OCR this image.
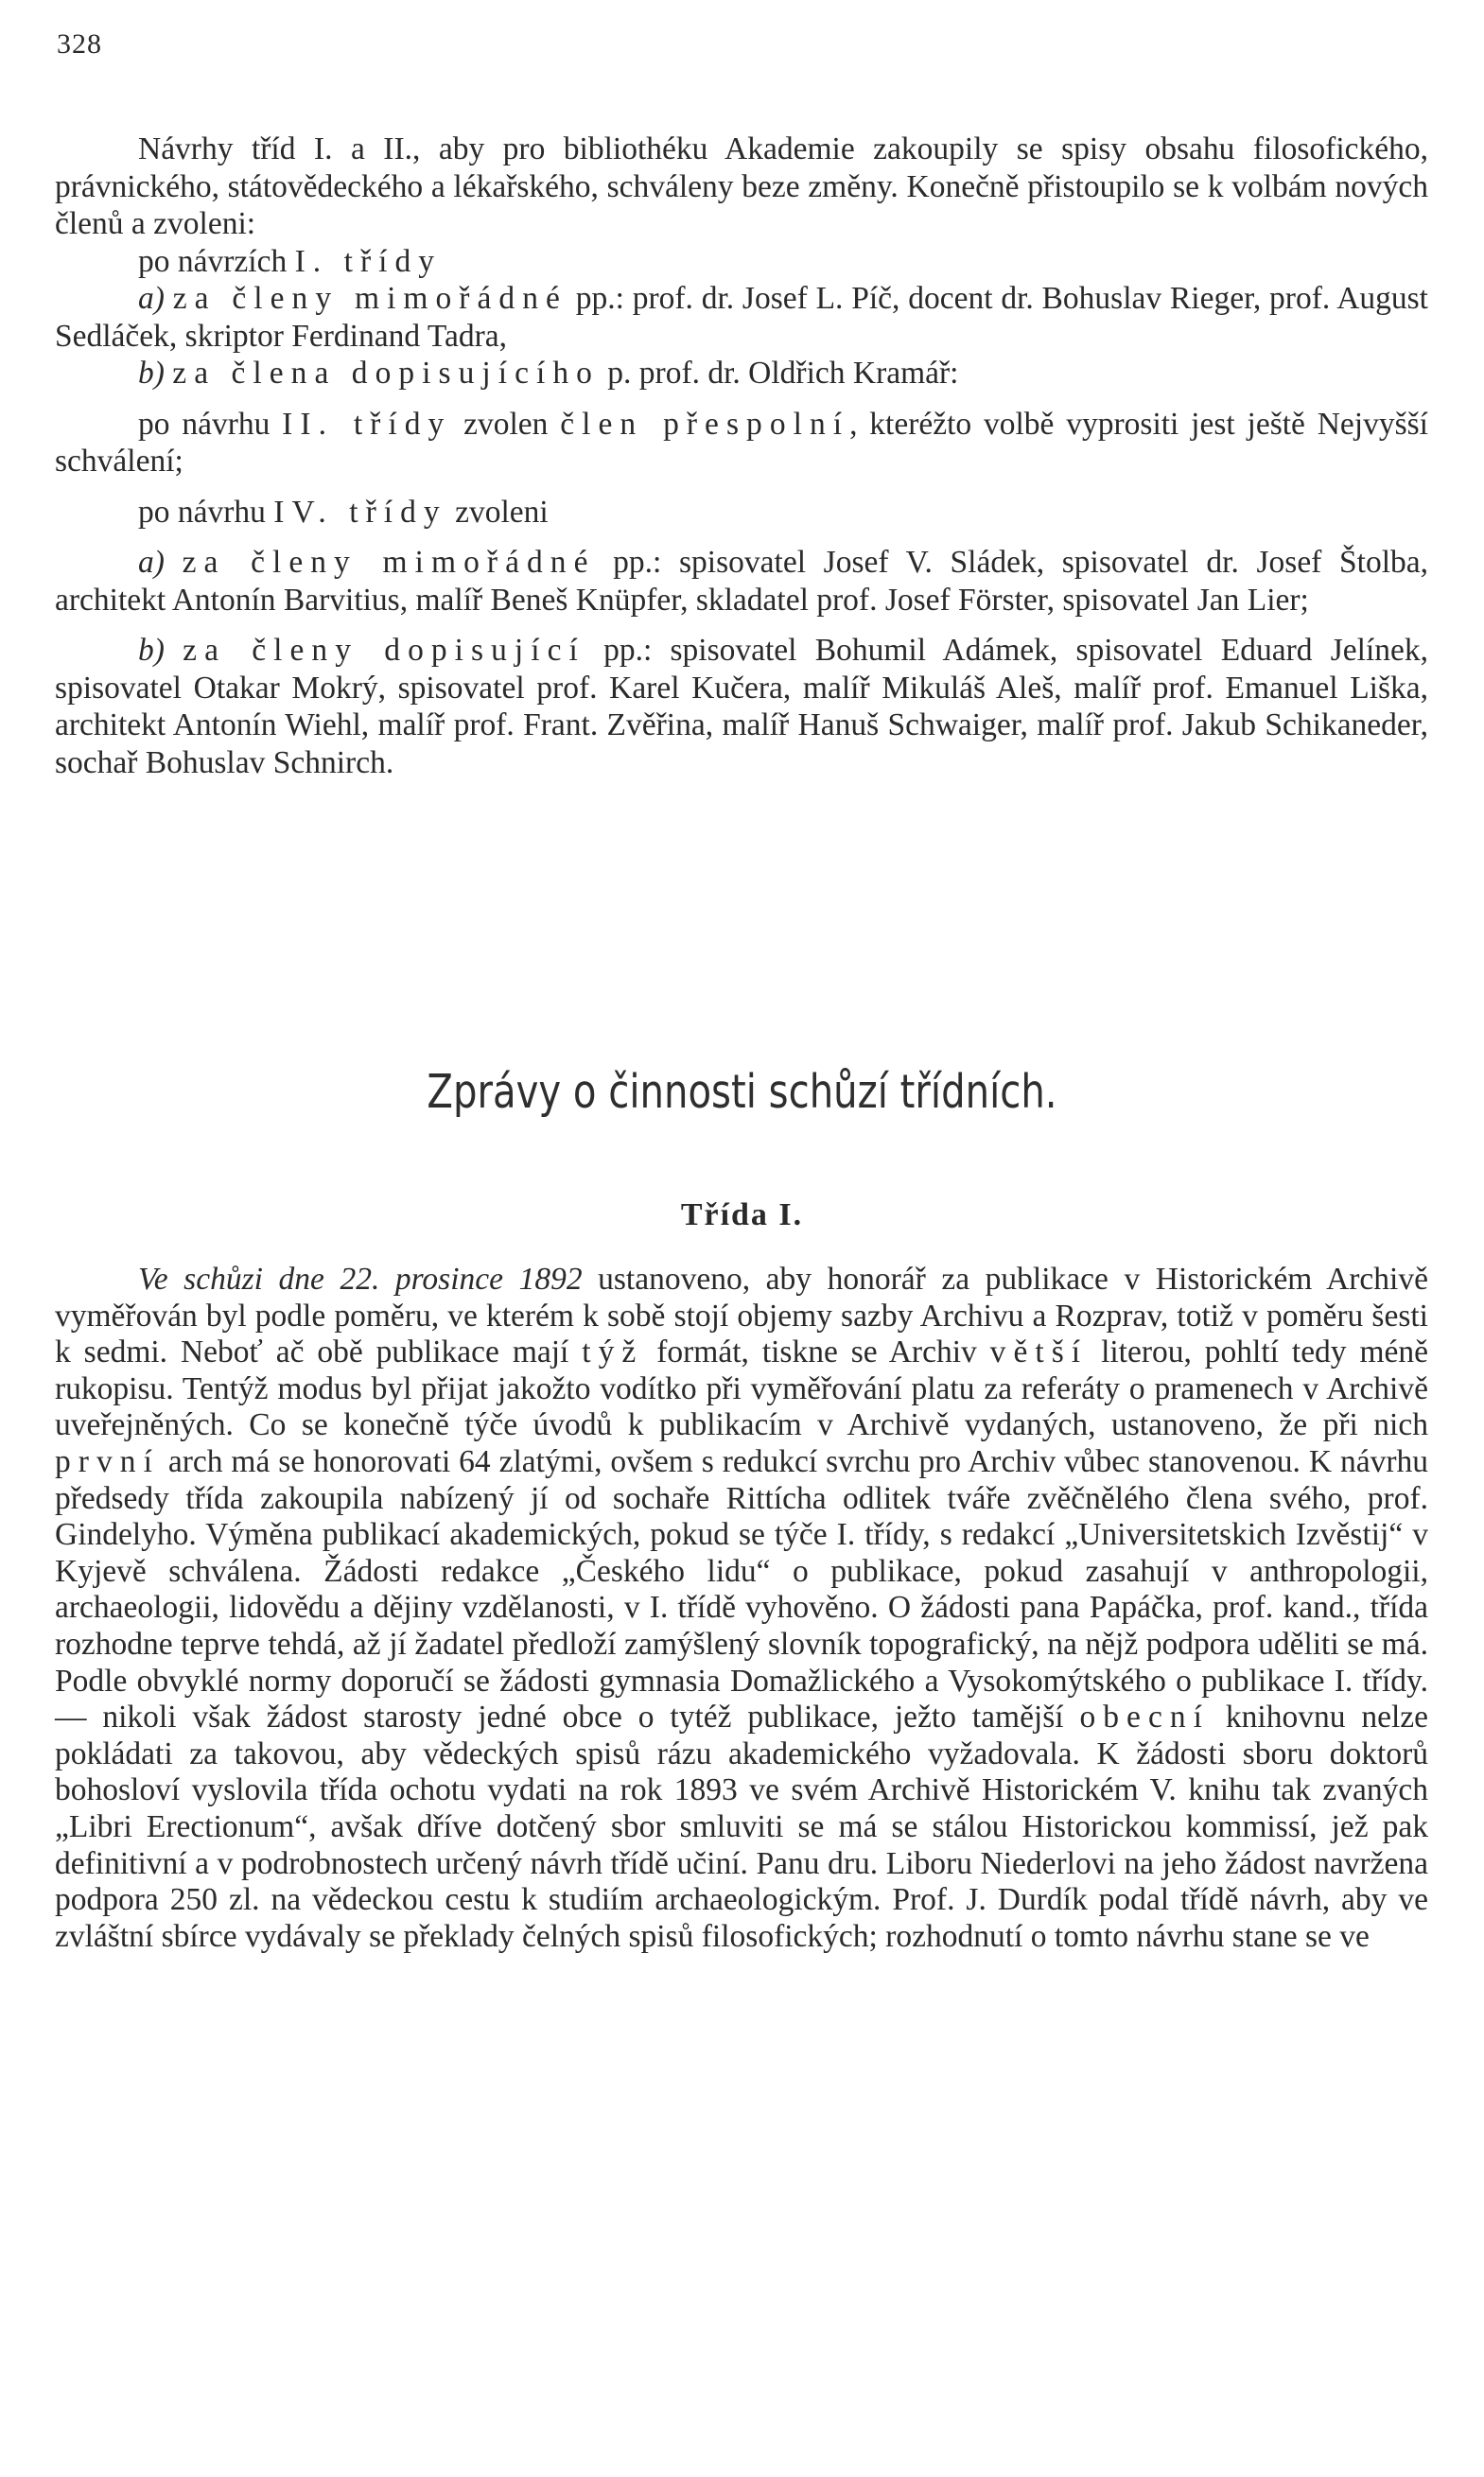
328

Návrhy tříd I. a II., aby pro bibliothéku Akademie zakoupily se spisy obsahu filosofického, právnického, státovědeckého a lékařského, schváleny beze změny. Konečně přistoupilo se k volbám nových členů a zvoleni:

po návrzích I. třídy

a) za členy mimořádné pp.: prof. dr. Josef L. Píč, docent dr. Bohuslav Rieger, prof. August Sedláček, skriptor Ferdinand Tadra,

b) za člena dopisujícího p. prof. dr. Oldřich Kramář:

po návrhu II. třídy zvolen člen přespolní, kteréžto volbě vyprositi jest ještě Nejvyšší schválení;

po návrhu IV. třídy zvoleni

a) za členy mimořádné pp.: spisovatel Josef V. Sládek, spisovatel dr. Josef Štolba, architekt Antonín Barvitius, malíř Beneš Knüpfer, skladatel prof. Josef Förster, spisovatel Jan Lier;

b) za členy dopisující pp.: spisovatel Bohumil Adámek, spisovatel Eduard Jelínek, spisovatel Otakar Mokrý, spisovatel prof. Karel Kučera, malíř Mikuláš Aleš, malíř prof. Emanuel Liška, architekt Antonín Wiehl, malíř prof. Frant. Zvěřina, malíř Hanuš Schwaiger, malíř prof. Jakub Schikaneder, sochař Bohuslav Schnirch.

Zprávy o činnosti schůzí třídních.
Třída I.

Ve schůzi dne 22. prosince 1892 ustanoveno, aby honorář za publikace v Historickém Archivě vyměřován byl podle poměru, ve kterém k sobě stojí objemy sazby Archivu a Rozprav, totiž v poměru šesti k sedmi. Neboť ač obě publikace mají týž formát, tiskne se Archiv větší literou, pohltí tedy méně rukopisu. Tentýž modus byl přijat jakožto vodítko při vyměřování platu za referáty o pramenech v Archivě uveřejněných. Co se konečně týče úvodů k publikacím v Archivě vydaných, ustanoveno, že při nich první arch má se honorovati 64 zlatými, ovšem s redukcí svrchu pro Archiv vůbec stanovenou. K návrhu předsedy třída zakoupila nabízený jí od sochaře Rittícha odlitek tváře zvěčnělého člena svého, prof. Gindelyho. Výměna publikací akademických, pokud se týče I. třídy, s redakcí „Universitetskich Izvěstij“ v Kyjevě schválena. Žádosti redakce „Českého lidu“ o publikace, pokud zasahují v anthropologii, archaeologii, lidovědu a dějiny vzdělanosti, v I. třídě vyhověno. O žádosti pana Papáčka, prof. kand., třída rozhodne teprve tehdá, až jí žadatel předloží zamýšlený slovník topografický, na nějž podpora uděliti se má. Podle obvyklé normy doporučí se žádosti gymnasia Domažlického a Vysokomýtského o publikace I. třídy. — nikoli však žádost starosty jedné obce o tytéž publikace, ježto tamější obecní knihovnu nelze pokládati za takovou, aby vědeckých spisů rázu akademického vyžadovala. K žádosti sboru doktorů bohosloví vyslovila třída ochotu vydati na rok 1893 ve svém Archivě Historickém V. knihu tak zvaných „Libri Erectionum“, avšak dříve dotčený sbor smluviti se má se stálou Historickou kommissí, jež pak definitivní a v podrobnostech určený návrh třídě učiní. Panu dru. Liboru Niederlovi na jeho žádost navržena podpora 250 zl. na vědeckou cestu k studiím archaeologickým. Prof. J. Durdík podal třídě návrh, aby ve zvláštní sbírce vydávaly se překlady čelných spisů filosofických; rozhodnutí o tomto návrhu stane se ve
